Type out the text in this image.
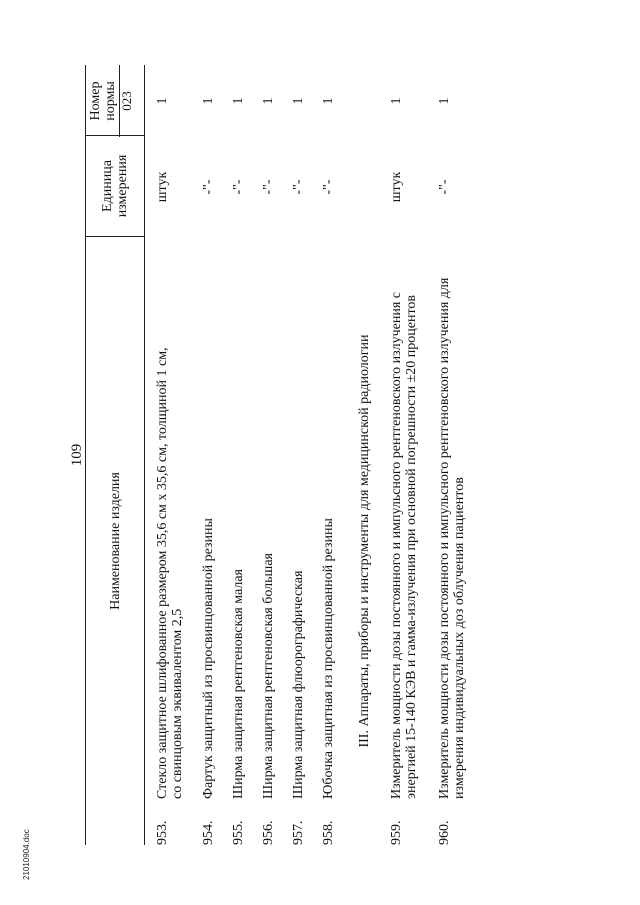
109
Наименование изделия
Единица измерения
Номер нормы 023
953.
Стекло защитное шлифованное размером 35,6 см х 35,6 см, толщиной 1 см,
со свинцовым эквивалентом 2,5
штук
1
954.
Фартук защитный из просвинцованной резины
-"-
1
955.
Ширма защитная рентгеновская малая
-"-
1
956.
Ширма защитная рентгеновская большая
-"-
1
957.
Ширма защитная флюорографическая
-"-
1
958.
Юбочка защитная из просвинцованной резины
-"-
1
III. Аппараты, приборы и инструменты для медицинской радиологии
959.
Измеритель мощности дозы постоянного и импульсного рентгеновского излучения с
энергией 15-140 КЭВ и гамма-излучения при основной погрешности ±20 процентов
штук
1
960.
Измеритель мощности дозы постоянного и импульсного рентгеновского излучения для
измерения индивидуальных доз облучения пациентов
-"-
1
21010904.doc
